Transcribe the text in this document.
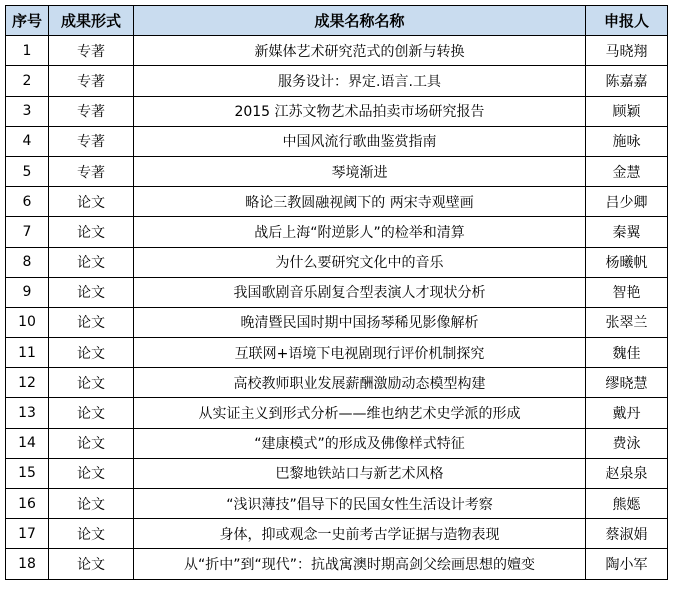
序号	成果形式	成果名称名称	申报人
1	专著	新媒体艺术研究范式的创新与转换	马晓翔
2	专著	服务设计：界定.语言.工具	陈嘉嘉
3	专著	2015 江苏文物艺术品拍卖市场研究报告	顾颖
4	专著	中国风流行歌曲鉴赏指南	施咏
5	专著	琴境渐进	金慧
6	论文	略论三教圆融视阈下的 两宋寺观壁画	吕少卿
7	论文	战后上海“附逆影人”的检举和清算	秦翼
8	论文	为什么要研究文化中的音乐	杨曦帆
9	论文	我国歌剧音乐剧复合型表演人才现状分析	智艳
10	论文	晚清暨民国时期中国扬琴稀见影像解析	张翠兰
11	论文	互联网+语境下电视剧现行评价机制探究	魏佳
12	论文	高校教师职业发展薪酬激励动态模型构建	缪晓慧
13	论文	从实证主义到形式分析——维也纳艺术史学派的形成	戴丹
14	论文	“建康模式”的形成及佛像样式特征	费泳
15	论文	巴黎地铁站口与新艺术风格	赵泉泉
16	论文	“浅识薄技”倡导下的民国女性生活设计考察	熊嫕
17	论文	身体，抑或观念一史前考古学证据与造物表现	蔡淑娟
18	论文	从“折中”到“现代”：抗战寓澳时期高剑父绘画思想的嬗变	陶小军
